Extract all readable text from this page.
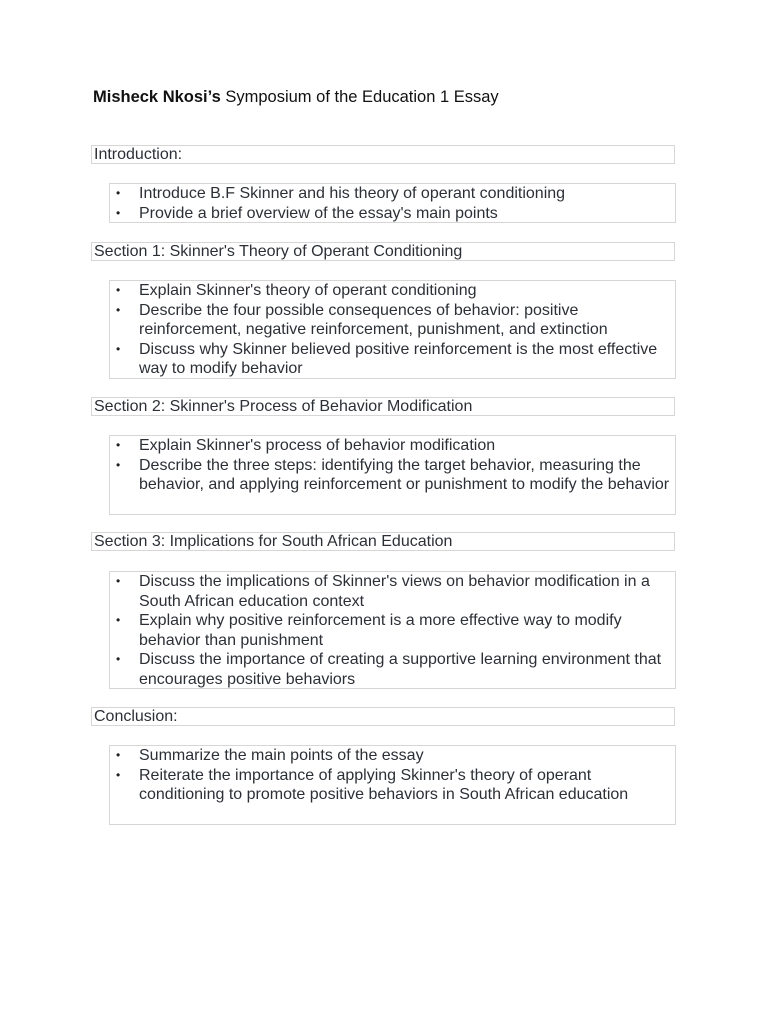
Misheck Nkosi’s Symposium of the Education 1 Essay
Introduction:
• Introduce B.F Skinner and his theory of operant conditioning
• Provide a brief overview of the essay's main points
Section 1: Skinner's Theory of Operant Conditioning
• Explain Skinner's theory of operant conditioning
• Describe the four possible consequences of behavior: positive reinforcement, negative reinforcement, punishment, and extinction
• Discuss why Skinner believed positive reinforcement is the most effective way to modify behavior
Section 2: Skinner's Process of Behavior Modification
• Explain Skinner's process of behavior modification
• Describe the three steps: identifying the target behavior, measuring the behavior, and applying reinforcement or punishment to modify the behavior
Section 3: Implications for South African Education
• Discuss the implications of Skinner's views on behavior modification in a South African education context
• Explain why positive reinforcement is a more effective way to modify behavior than punishment
• Discuss the importance of creating a supportive learning environment that encourages positive behaviors
Conclusion:
• Summarize the main points of the essay
• Reiterate the importance of applying Skinner's theory of operant conditioning to promote positive behaviors in South African education
